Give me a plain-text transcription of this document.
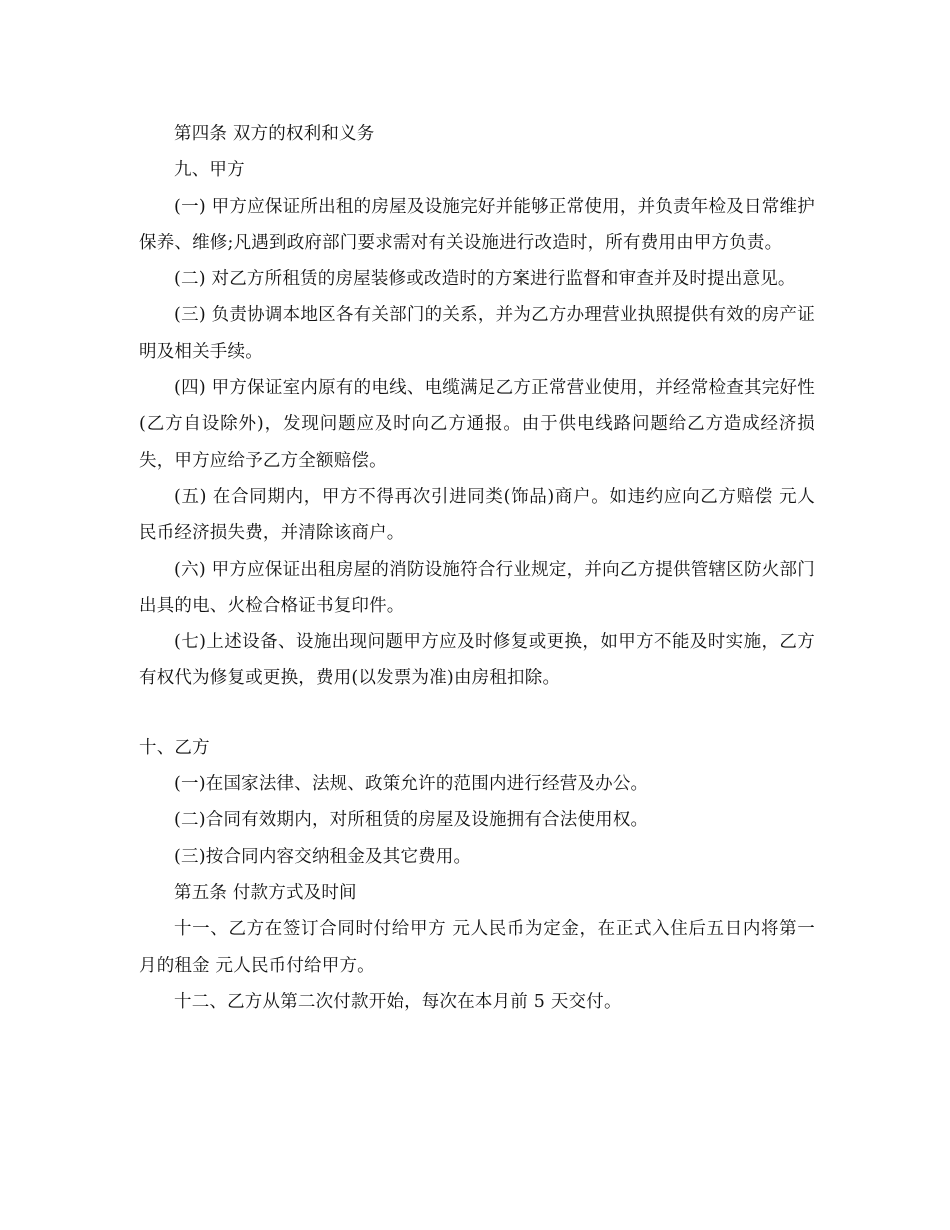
第四条 双方的权利和义务

九、甲方

(一) 甲方应保证所出租的房屋及设施完好并能够正常使用，并负责年检及日常维护保养、维修;凡遇到政府部门要求需对有关设施进行改造时，所有费用由甲方负责。

(二) 对乙方所租赁的房屋装修或改造时的方案进行监督和审查并及时提出意见。

(三) 负责协调本地区各有关部门的关系，并为乙方办理营业执照提供有效的房产证明及相关手续。

(四) 甲方保证室内原有的电线、电缆满足乙方正常营业使用，并经常检查其完好性(乙方自设除外)，发现问题应及时向乙方通报。由于供电线路问题给乙方造成经济损失，甲方应给予乙方全额赔偿。

(五) 在合同期内，甲方不得再次引进同类(饰品)商户。如违约应向乙方赔偿 元人民币经济损失费，并清除该商户。

(六) 甲方应保证出租房屋的消防设施符合行业规定，并向乙方提供管辖区防火部门出具的电、火检合格证书复印件。

(七)上述设备、设施出现问题甲方应及时修复或更换，如甲方不能及时实施，乙方有权代为修复或更换，费用(以发票为准)由房租扣除。

十、乙方

(一)在国家法律、法规、政策允许的范围内进行经营及办公。

(二)合同有效期内，对所租赁的房屋及设施拥有合法使用权。

(三)按合同内容交纳租金及其它费用。

第五条 付款方式及时间

十一、乙方在签订合同时付给甲方 元人民币为定金，在正式入住后五日内将第一月的租金 元人民币付给甲方。

十二、乙方从第二次付款开始，每次在本月前 5 天交付。
